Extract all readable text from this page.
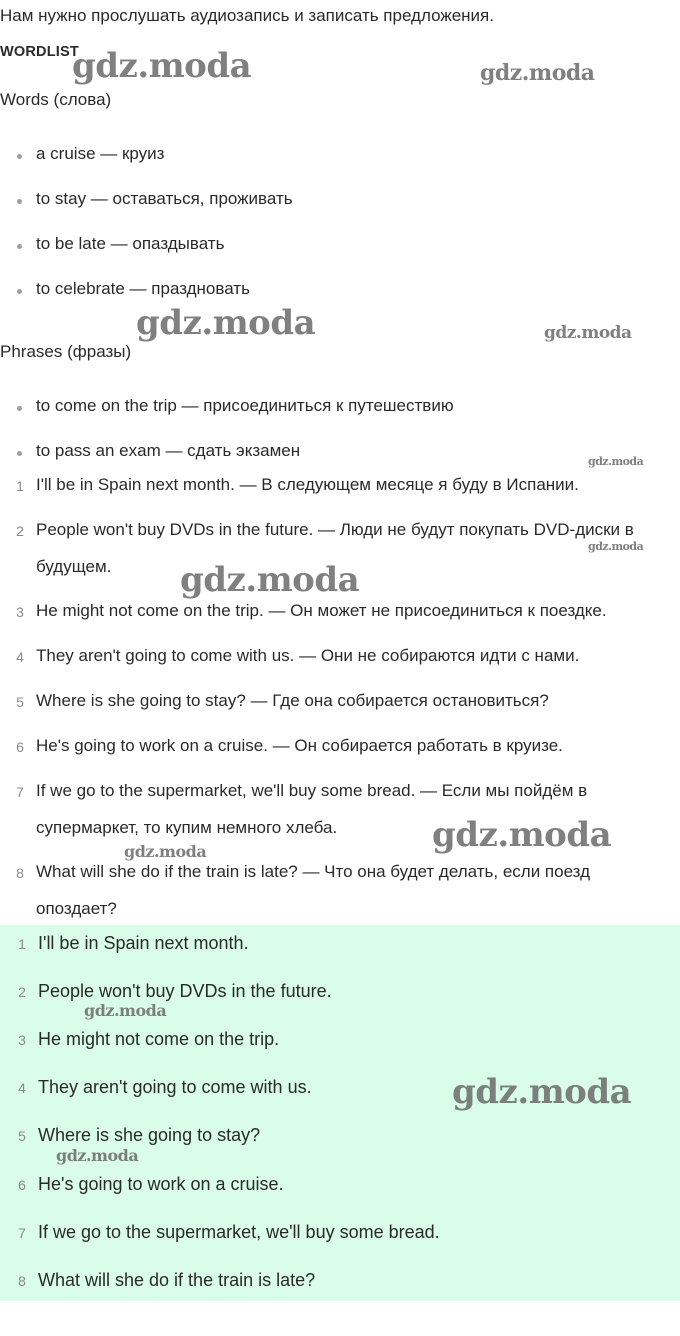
Нам нужно прослушать аудиозапись и записать предложения.
WORDLIST
Words (слова)
a cruise — круиз
to stay — оставаться, проживать
to be late — опаздывать
to celebrate — праздновать
Phrases (фразы)
to come on the trip — присоединиться к путешествию
to pass an exam — сдать экзамен
1 I'll be in Spain next month. — В следующем месяце я буду в Испании.
2 People won't buy DVDs in the future. — Люди не будут покупать DVD-диски в будущем.
3 He might not come on the trip. — Он может не присоединиться к поездке.
4 They aren't going to come with us. — Они не собираются идти с нами.
5 Where is she going to stay? — Где она собирается остановиться?
6 He's going to work on a cruise. — Он собирается работать в круизе.
7 If we go to the supermarket, we'll buy some bread. — Если мы пойдём в супермаркет, то купим немного хлеба.
8 What will she do if the train is late? — Что она будет делать, если поезд опоздает?
1 I'll be in Spain next month.
2 People won't buy DVDs in the future.
3 He might not come on the trip.
4 They aren't going to come with us.
5 Where is she going to stay?
6 He's going to work on a cruise.
7 If we go to the supermarket, we'll buy some bread.
8 What will she do if the train is late?
gdz.moda	gdz.moda
gdz.moda	gdz.moda
gdz.moda
gdz.moda
gdz.moda
gdz.moda
gdz.moda
gdz.moda
gdz.moda
gdz.moda
